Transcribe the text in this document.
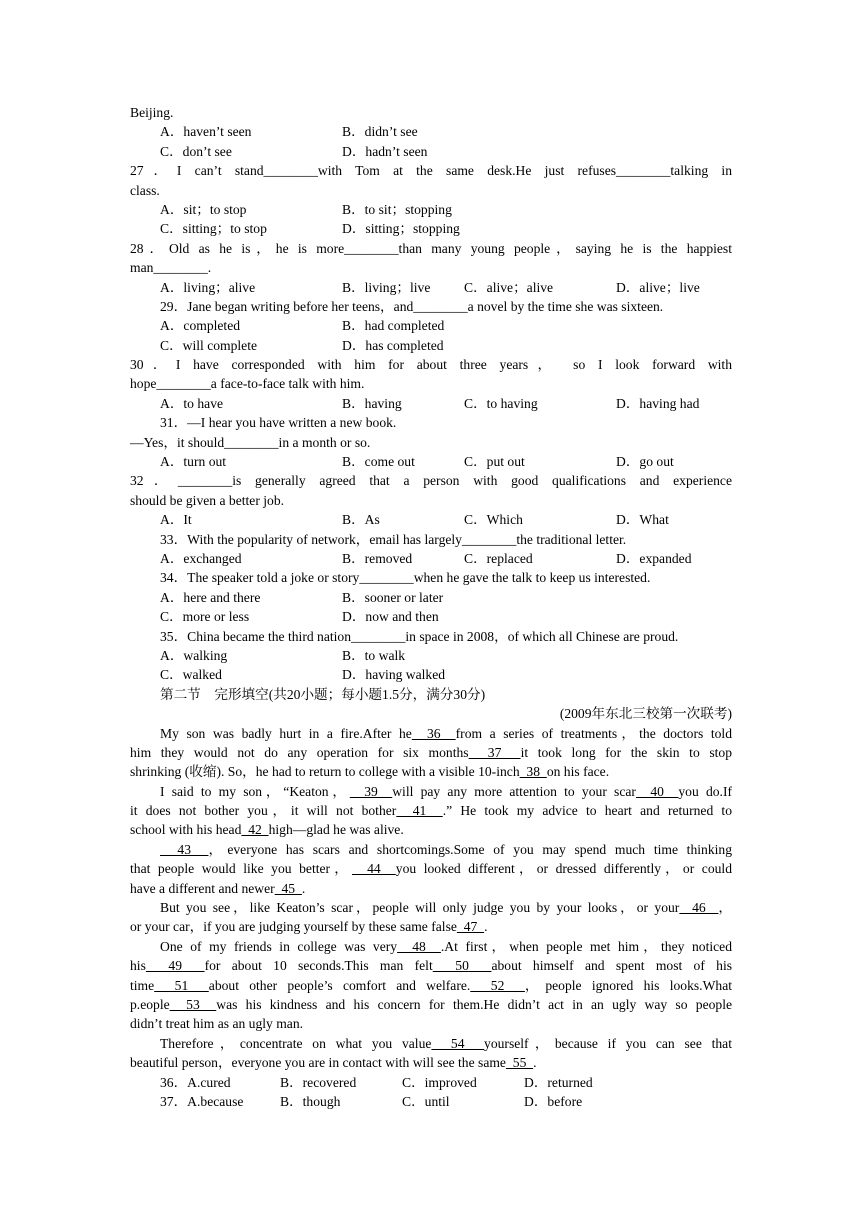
Beijing.
A．haven’t seen	B．didn’t see
C．don’t see	D．hadn’t seen
27．I can’t stand________with Tom at the same desk.He just refuses________talking in
class.
A．sit；to stop	B．to sit；stopping
C．sitting；to stop	D．sitting；stopping
28．Old as he is，he is more________than many young people，saying he is the happiest
man________.
A．living；alive	B．living；live C．alive；alive	D．alive；live
29．Jane began writing before her teens，and________a novel by the time she was sixteen.
A．completed	B．had completed
C．will complete	D．has completed
30．I have corresponded with him for about three years， so I look forward with
hope________a face-to-face talk with him.
A．to have	B．having	C．to having	D．having had
31．—I hear you have written a new book.
—Yes，it should________in a month or so.
A．turn out	B．come out	C．put out	D．go out
32．________is generally agreed that a person with good qualifications and experience
should be given a better job.
A．It	B．As	C．Which	D．What
33．With the popularity of network，email has largely________the traditional letter.
A．exchanged	B．removed	C．replaced	D．expanded
34．The speaker told a joke or story________when he gave the talk to keep us interested.
A．here and there	B．sooner or later
C．more or less	D．now and then
35．China became the third nation________in space in 2008，of which all Chinese are proud.
A．walking	B．to walk
C．walked	D．having walked
第二节　完形填空(共20小题；每小题1.5分，满分30分)
(2009年东北三校第一次联考)
My son was badly hurt in a fire.After he  36  from a series of treatments，the doctors told
him they would not do any operation for six months  37  it took long for the skin to stop
shrinking (收缩). So，he had to return to college with a visible 10-inch  38  on his face.
I said to my son，“Keaton，  39  will pay any more attention to your scar  40  you do.If
it does not bother you，it will not bother  41  .” He took my advice to heart and returned to
school with his head  42  high—glad he was alive.
43  ，everyone has scars and shortcomings.Some of you may spend much time thinking
that people would like you better，  44  you looked different，or dressed differently，or could
have a different and newer  45  .
But you see，like Keaton’s scar，people will only judge you by your looks，or your  46  ，
or your car，if you are judging yourself by these same false  47  .
One of my friends in college was very  48  .At first，when people met him，they noticed
his  49  for about 10 seconds.This man felt  50  about himself and spent most of his
time  51  about other people’s comfort and welfare.  52  ，people ignored his looks.What
p.eople  53  was his kindness and his concern for them.He didn’t act in an ugly way so people
didn’t treat him as an ugly man.
Therefore，concentrate on what you value  54  yourself，because if you can see that
beautiful person，everyone you are in contact with will see the same  55  .
36．A.cured	B．recovered	C．improved	D．returned
37．A.because	B．though	C．until	D．before
